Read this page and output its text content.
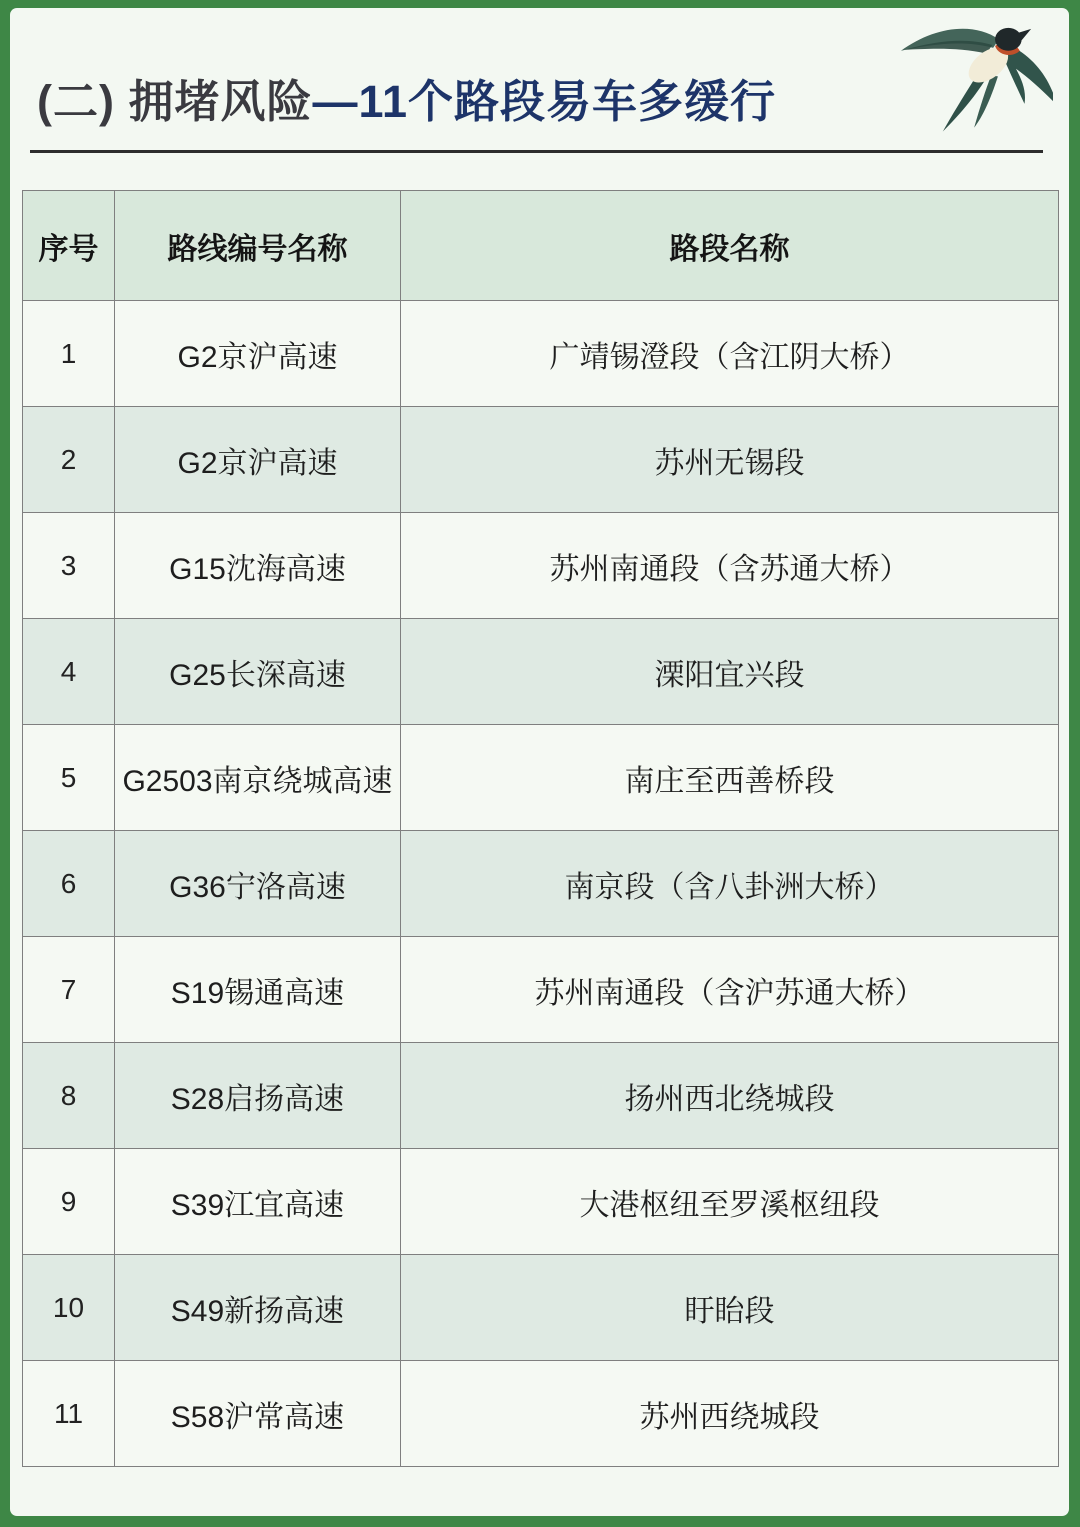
(二) 拥堵风险—11个路段易车多缓行
序号	路线编号名称	路段名称
1	G2京沪高速	广靖锡澄段（含江阴大桥）
2	G2京沪高速	苏州无锡段
3	G15沈海高速	苏州南通段（含苏通大桥）
4	G25长深高速	溧阳宜兴段
5	G2503南京绕城高速	南庄至西善桥段
6	G36宁洛高速	南京段（含八卦洲大桥）
7	S19锡通高速	苏州南通段（含沪苏通大桥）
8	S28启扬高速	扬州西北绕城段
9	S39江宜高速	大港枢纽至罗溪枢纽段
10	S49新扬高速	盱眙段
11	S58沪常高速	苏州西绕城段
